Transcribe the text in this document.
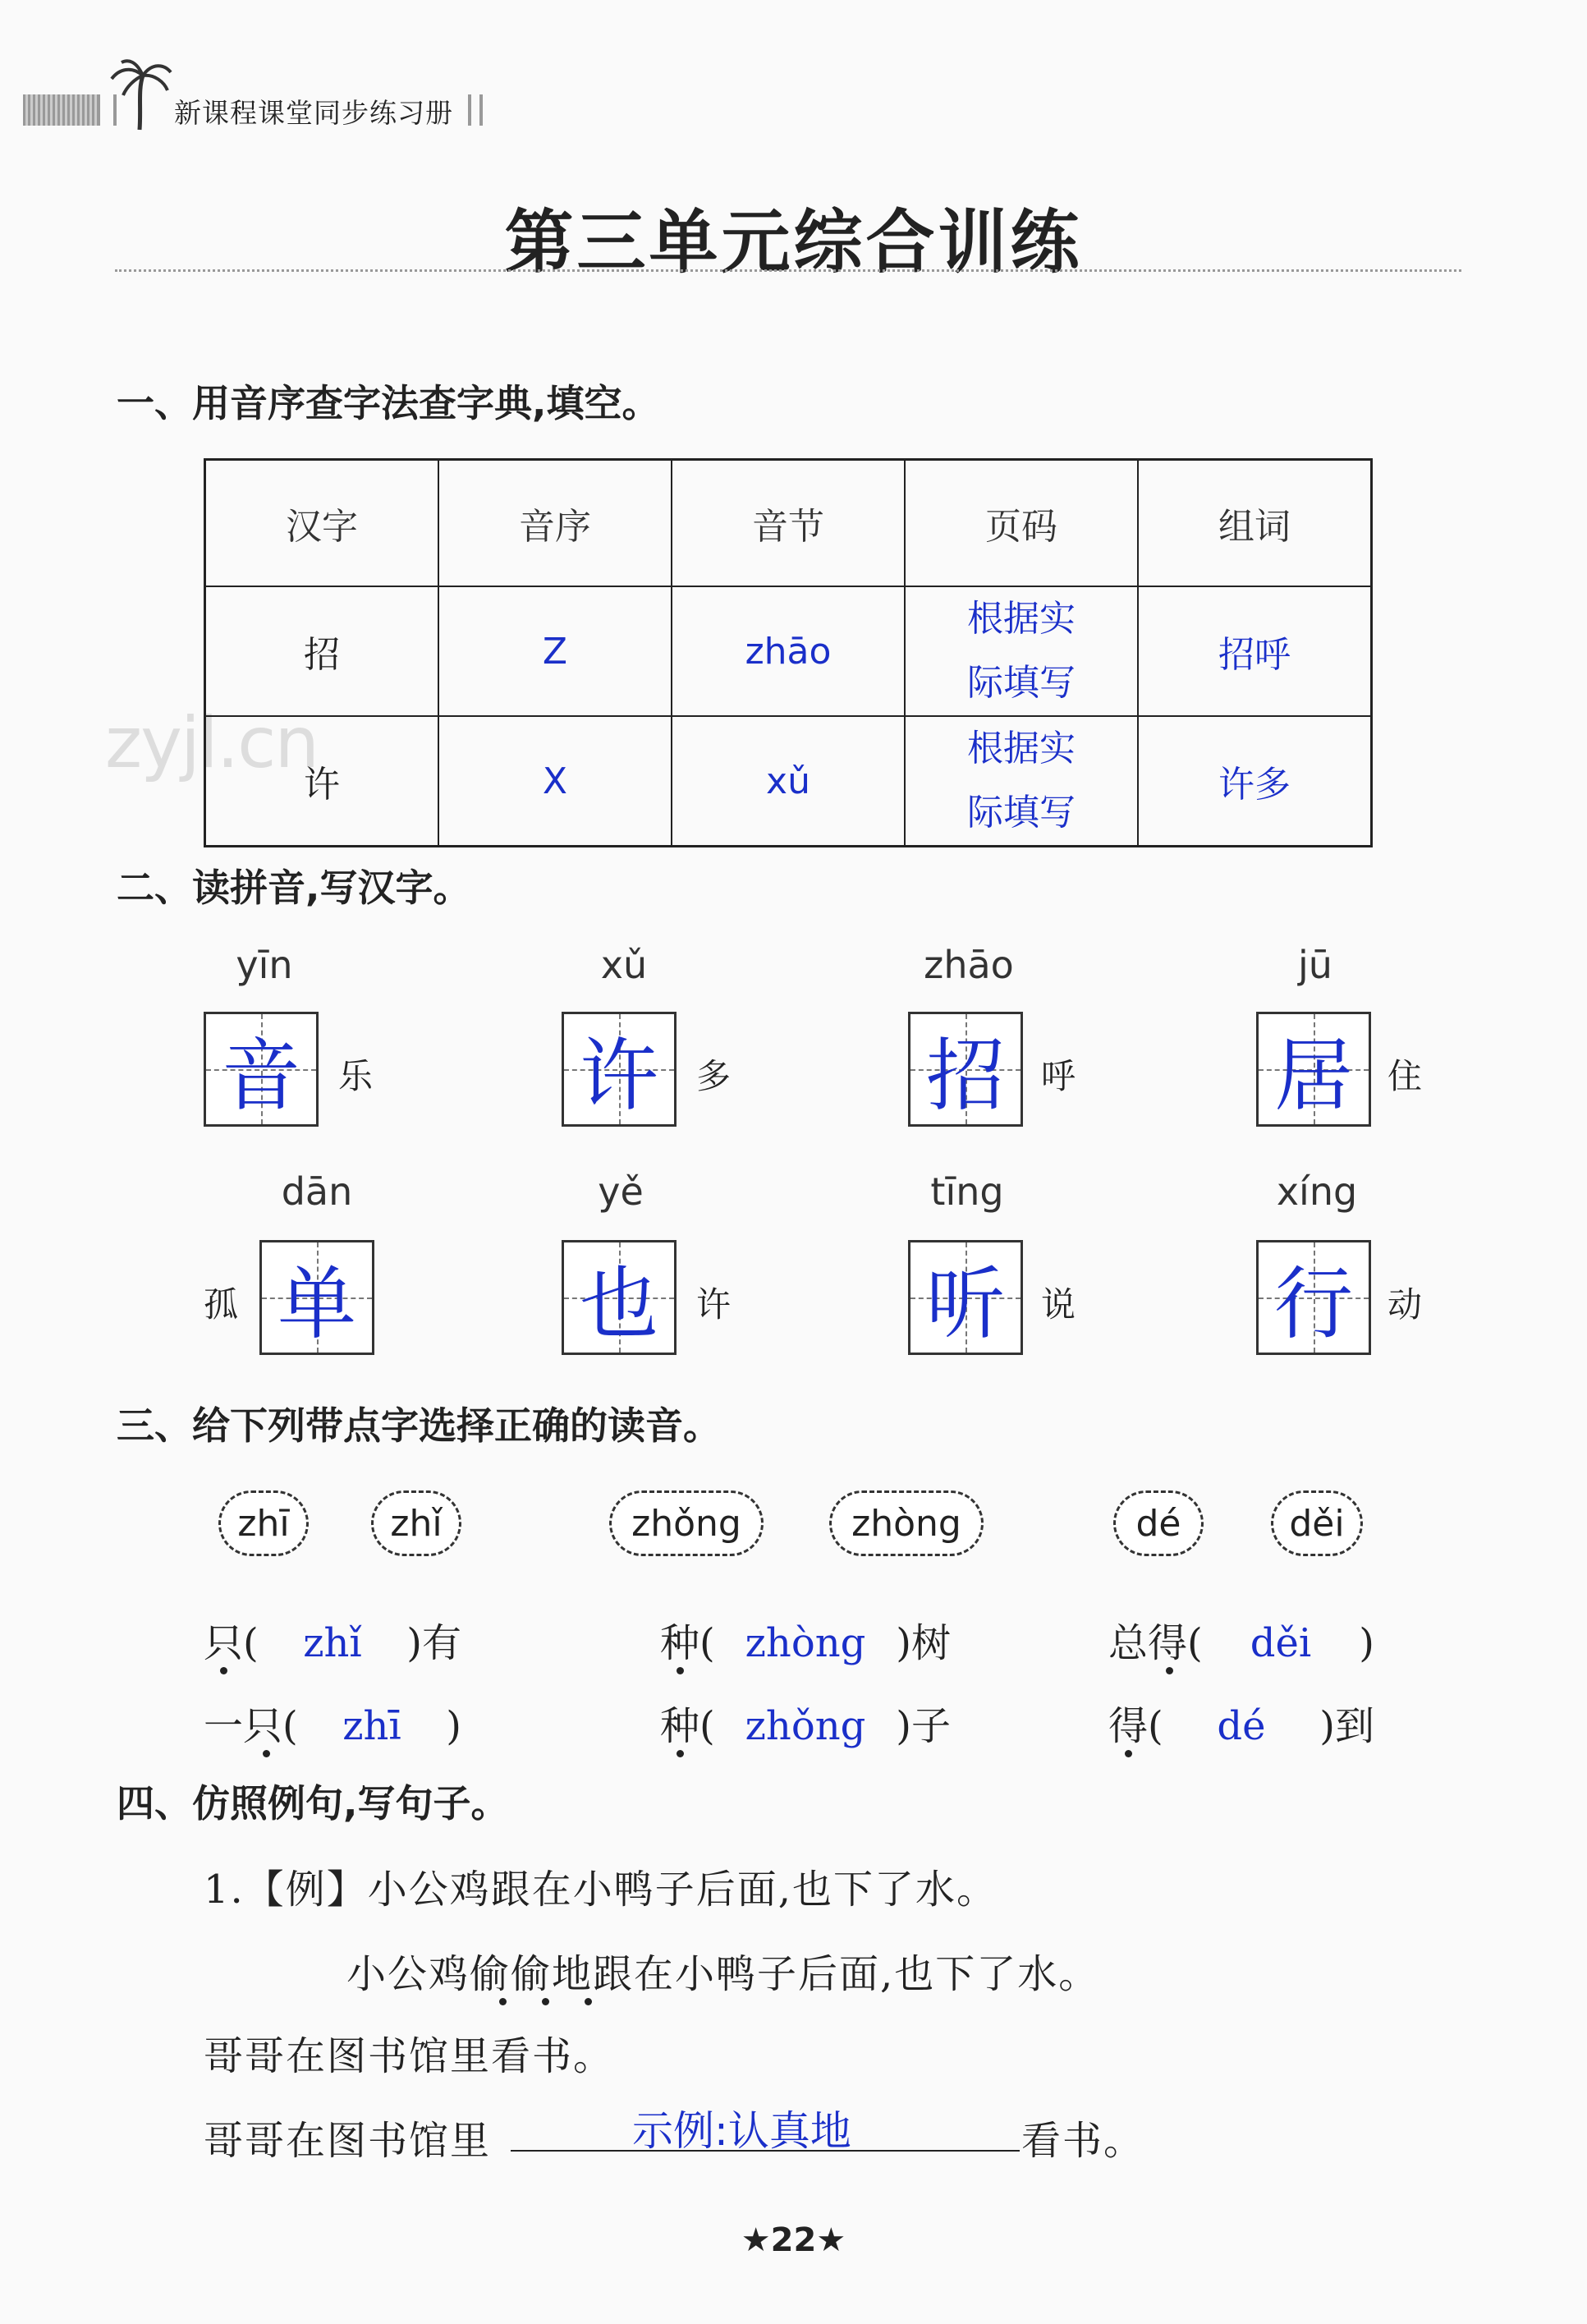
新课程课堂同步练习册
第三单元综合训练
一、用音序查字法查字典,填空。
zyjl.cn
汉字	音序	音节	页码	组词
招	Z	zhāo	根据实
际填写	招呼
许	X	xǔ	根据实
际填写	许多
二、读拼音,写汉字。
yīn
音	乐
xǔ
许	多
zhāo
招	呼
jū
居	住
dān
孤 单
yě
也	许
tīng
听	说
xíng
行	动
三、给下列带点字选择正确的读音。
zhī	zhǐ	zhǒng	zhòng	dé	děi
只( zhǐ )有
一只( zhī )
种( zhòng )树
种( zhǒng )子
总得( děi )
得( dé )到
四、仿照例句,写句子。
1.【例】小公鸡跟在小鸭子后面,也下了水。
小公鸡偷偷地跟在小鸭子后面,也下了水。
哥哥在图书馆里看书。
哥哥在图书馆里	示例:认真地	看书。
★22★
